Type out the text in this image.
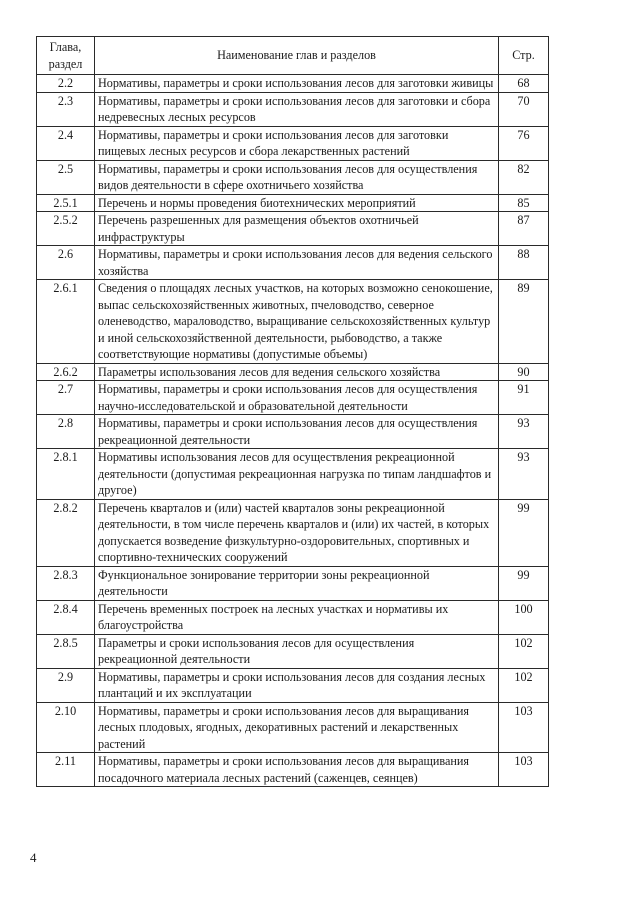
Глава,
раздел	Наименование глав и разделов	Стр.
2.2	Нормативы, параметры и сроки использования лесов для заготовки живицы	68
2.3	Нормативы, параметры и сроки использования лесов для заготовки и сбора недревесных лесных ресурсов	70
2.4	Нормативы, параметры и сроки использования лесов для заготовки пищевых лесных ресурсов и сбора лекарственных растений	76
2.5	Нормативы, параметры и сроки использования лесов для осуществления видов деятельности в сфере охотничьего хозяйства	82
2.5.1	Перечень и нормы проведения биотехнических мероприятий	85
2.5.2	Перечень разрешенных для размещения объектов охотничьей инфраструктуры	87
2.6	Нормативы, параметры и сроки использования лесов для ведения сельского хозяйства	88
2.6.1	Сведения о площадях лесных участков, на которых возможно сенокошение, выпас сельскохозяйственных животных, пчеловодство, северное оленеводство, мараловодство, выращивание сельскохозяйственных культур и иной сельскохозяйственной деятельности, рыбоводство, а также соответствующие нормативы (допустимые объемы)	89
2.6.2	Параметры использования лесов для ведения сельского хозяйства	90
2.7	Нормативы, параметры и сроки использования лесов для осуществления научно-исследовательской и образовательной деятельности	91
2.8	Нормативы, параметры и сроки использования лесов для осуществления рекреационной деятельности	93
2.8.1	Нормативы использования лесов для осуществления рекреационной деятельности (допустимая рекреационная нагрузка по типам ландшафтов и другое)	93
2.8.2	Перечень кварталов и (или) частей кварталов зоны рекреационной деятельности, в том числе перечень кварталов и (или) их частей, в которых допускается возведение физкультурно-оздоровительных, спортивных и спортивно-технических сооружений	99
2.8.3	Функциональное зонирование территории зоны рекреационной деятельности	99
2.8.4	Перечень временных построек на лесных участках и нормативы их благоустройства	100
2.8.5	Параметры и сроки использования лесов для осуществления рекреационной деятельности	102
2.9	Нормативы, параметры и сроки использования лесов для создания лесных плантаций и их эксплуатации	102
2.10	Нормативы, параметры и сроки использования лесов для выращивания лесных плодовых, ягодных, декоративных растений и лекарственных растений	103
2.11	Нормативы, параметры и сроки использования лесов для выращивания посадочного материала лесных растений (саженцев, сеянцев)	103
4
